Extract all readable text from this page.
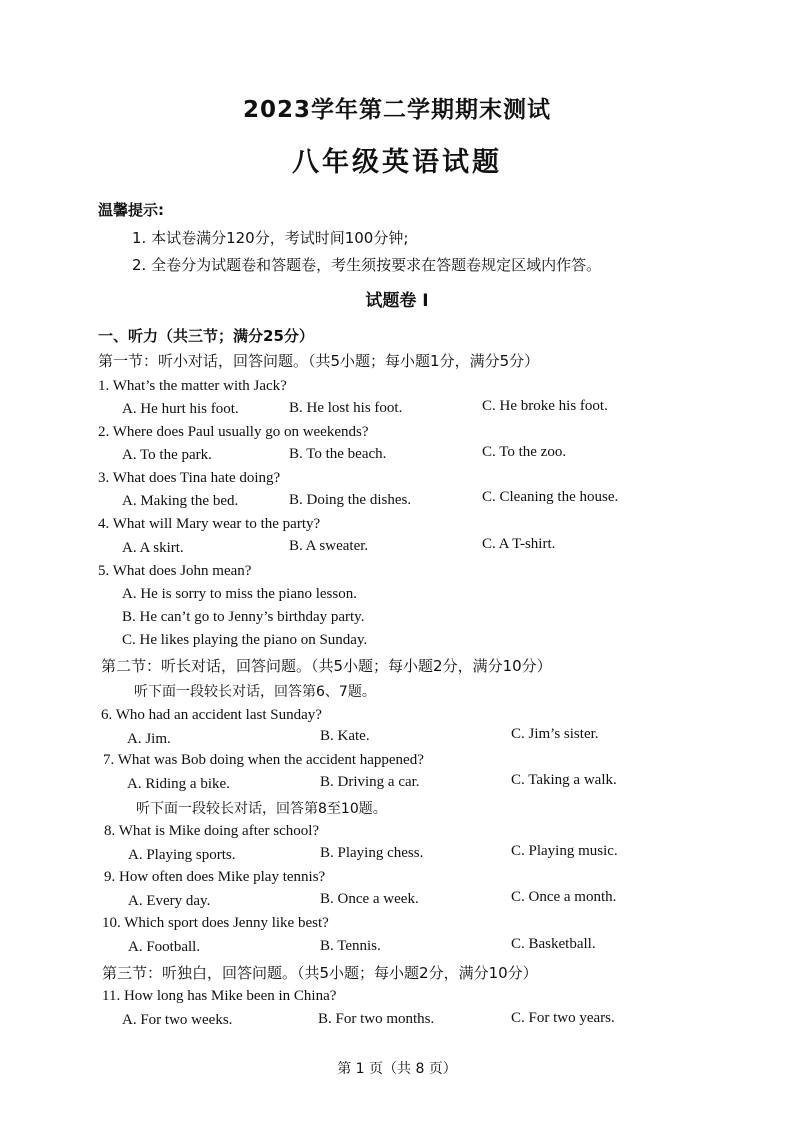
2023学年第二学期期末测试
八年级英语试题
温馨提示:
1. 本试卷满分120分，考试时间100分钟;
2. 全卷分为试题卷和答题卷，考生须按要求在答题卷规定区域内作答。
试题卷 I
一、听力（共三节；满分25分）
第一节：听小对话，回答问题。（共5小题；每小题1分，满分5分）
1. What’s the matter with Jack?
A. He hurt his foot.	B. He lost his foot.	C. He broke his foot.
2. Where does Paul usually go on weekends?
A. To the park.	B. To the beach.	C. To the zoo.
3. What does Tina hate doing?
A. Making the bed.	B. Doing the dishes.	C. Cleaning the house.
4. What will Mary wear to the party?
A. A skirt.	B. A sweater.	C. A T-shirt.
5. What does John mean?
A. He is sorry to miss the piano lesson.
B. He can’t go to Jenny’s birthday party.
C. He likes playing the piano on Sunday.
第二节：听长对话，回答问题。（共5小题；每小题2分，满分10分）
听下面一段较长对话，回答第6、7题。
6. Who had an accident last Sunday?
A. Jim.	B. Kate.	C. Jim’s sister.
7. What was Bob doing when the accident happened?
A. Riding a bike.	B. Driving a car.	C. Taking a walk.
听下面一段较长对话，回答第8至10题。
8. What is Mike doing after school?
A. Playing sports.	B. Playing chess.	C. Playing music.
9. How often does Mike play tennis?
A. Every day.	B. Once a week.	C. Once a month.
10. Which sport does Jenny like best?
A. Football.	B. Tennis.	C. Basketball.
第三节：听独白，回答问题。（共5小题；每小题2分，满分10分）
11. How long has Mike been in China?
A. For two weeks.	B. For two months.	C. For two years.
第 1 页（共 8 页）
